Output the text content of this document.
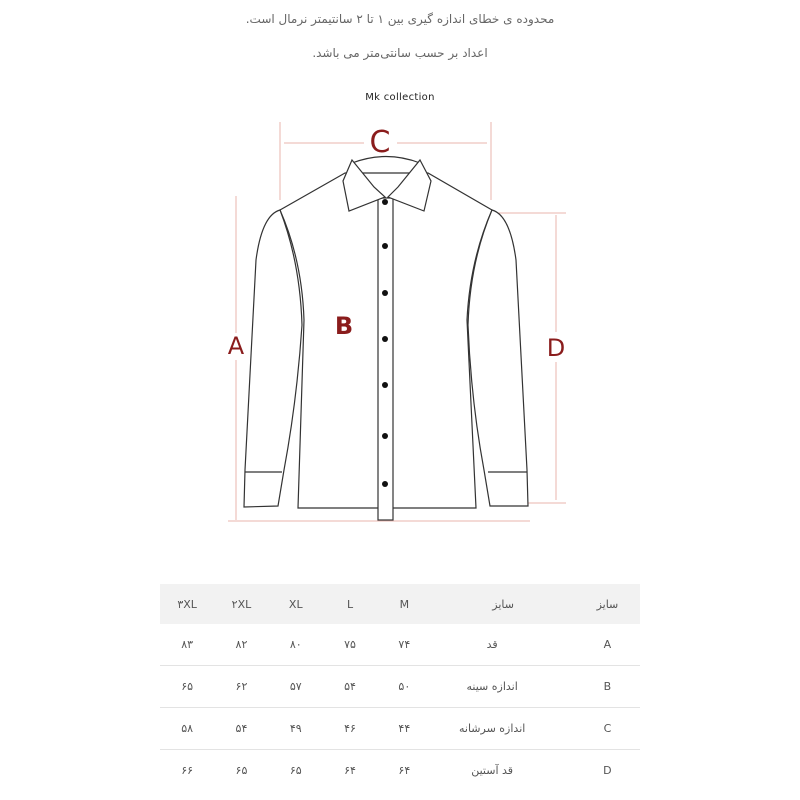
محدوده ی خطای اندازه گیری بین ۱ تا ۲ سانتیمتر نرمال است.
اعداد بر حسب سانتی‌متر می باشد.
Mk collection
C
B
A	D
۳XL	۲XL	XL	L	M	سایز	سایز
۸۳	۸۲	۸۰	۷۵	۷۴	قد	A
۶۵	۶۲	۵۷	۵۴	۵۰	اندازه سینه	B
۵۸	۵۴	۴۹	۴۶	۴۴	اندازه سرشانه	C
۶۶	۶۵	۶۵	۶۴	۶۴	قد آستین	D
